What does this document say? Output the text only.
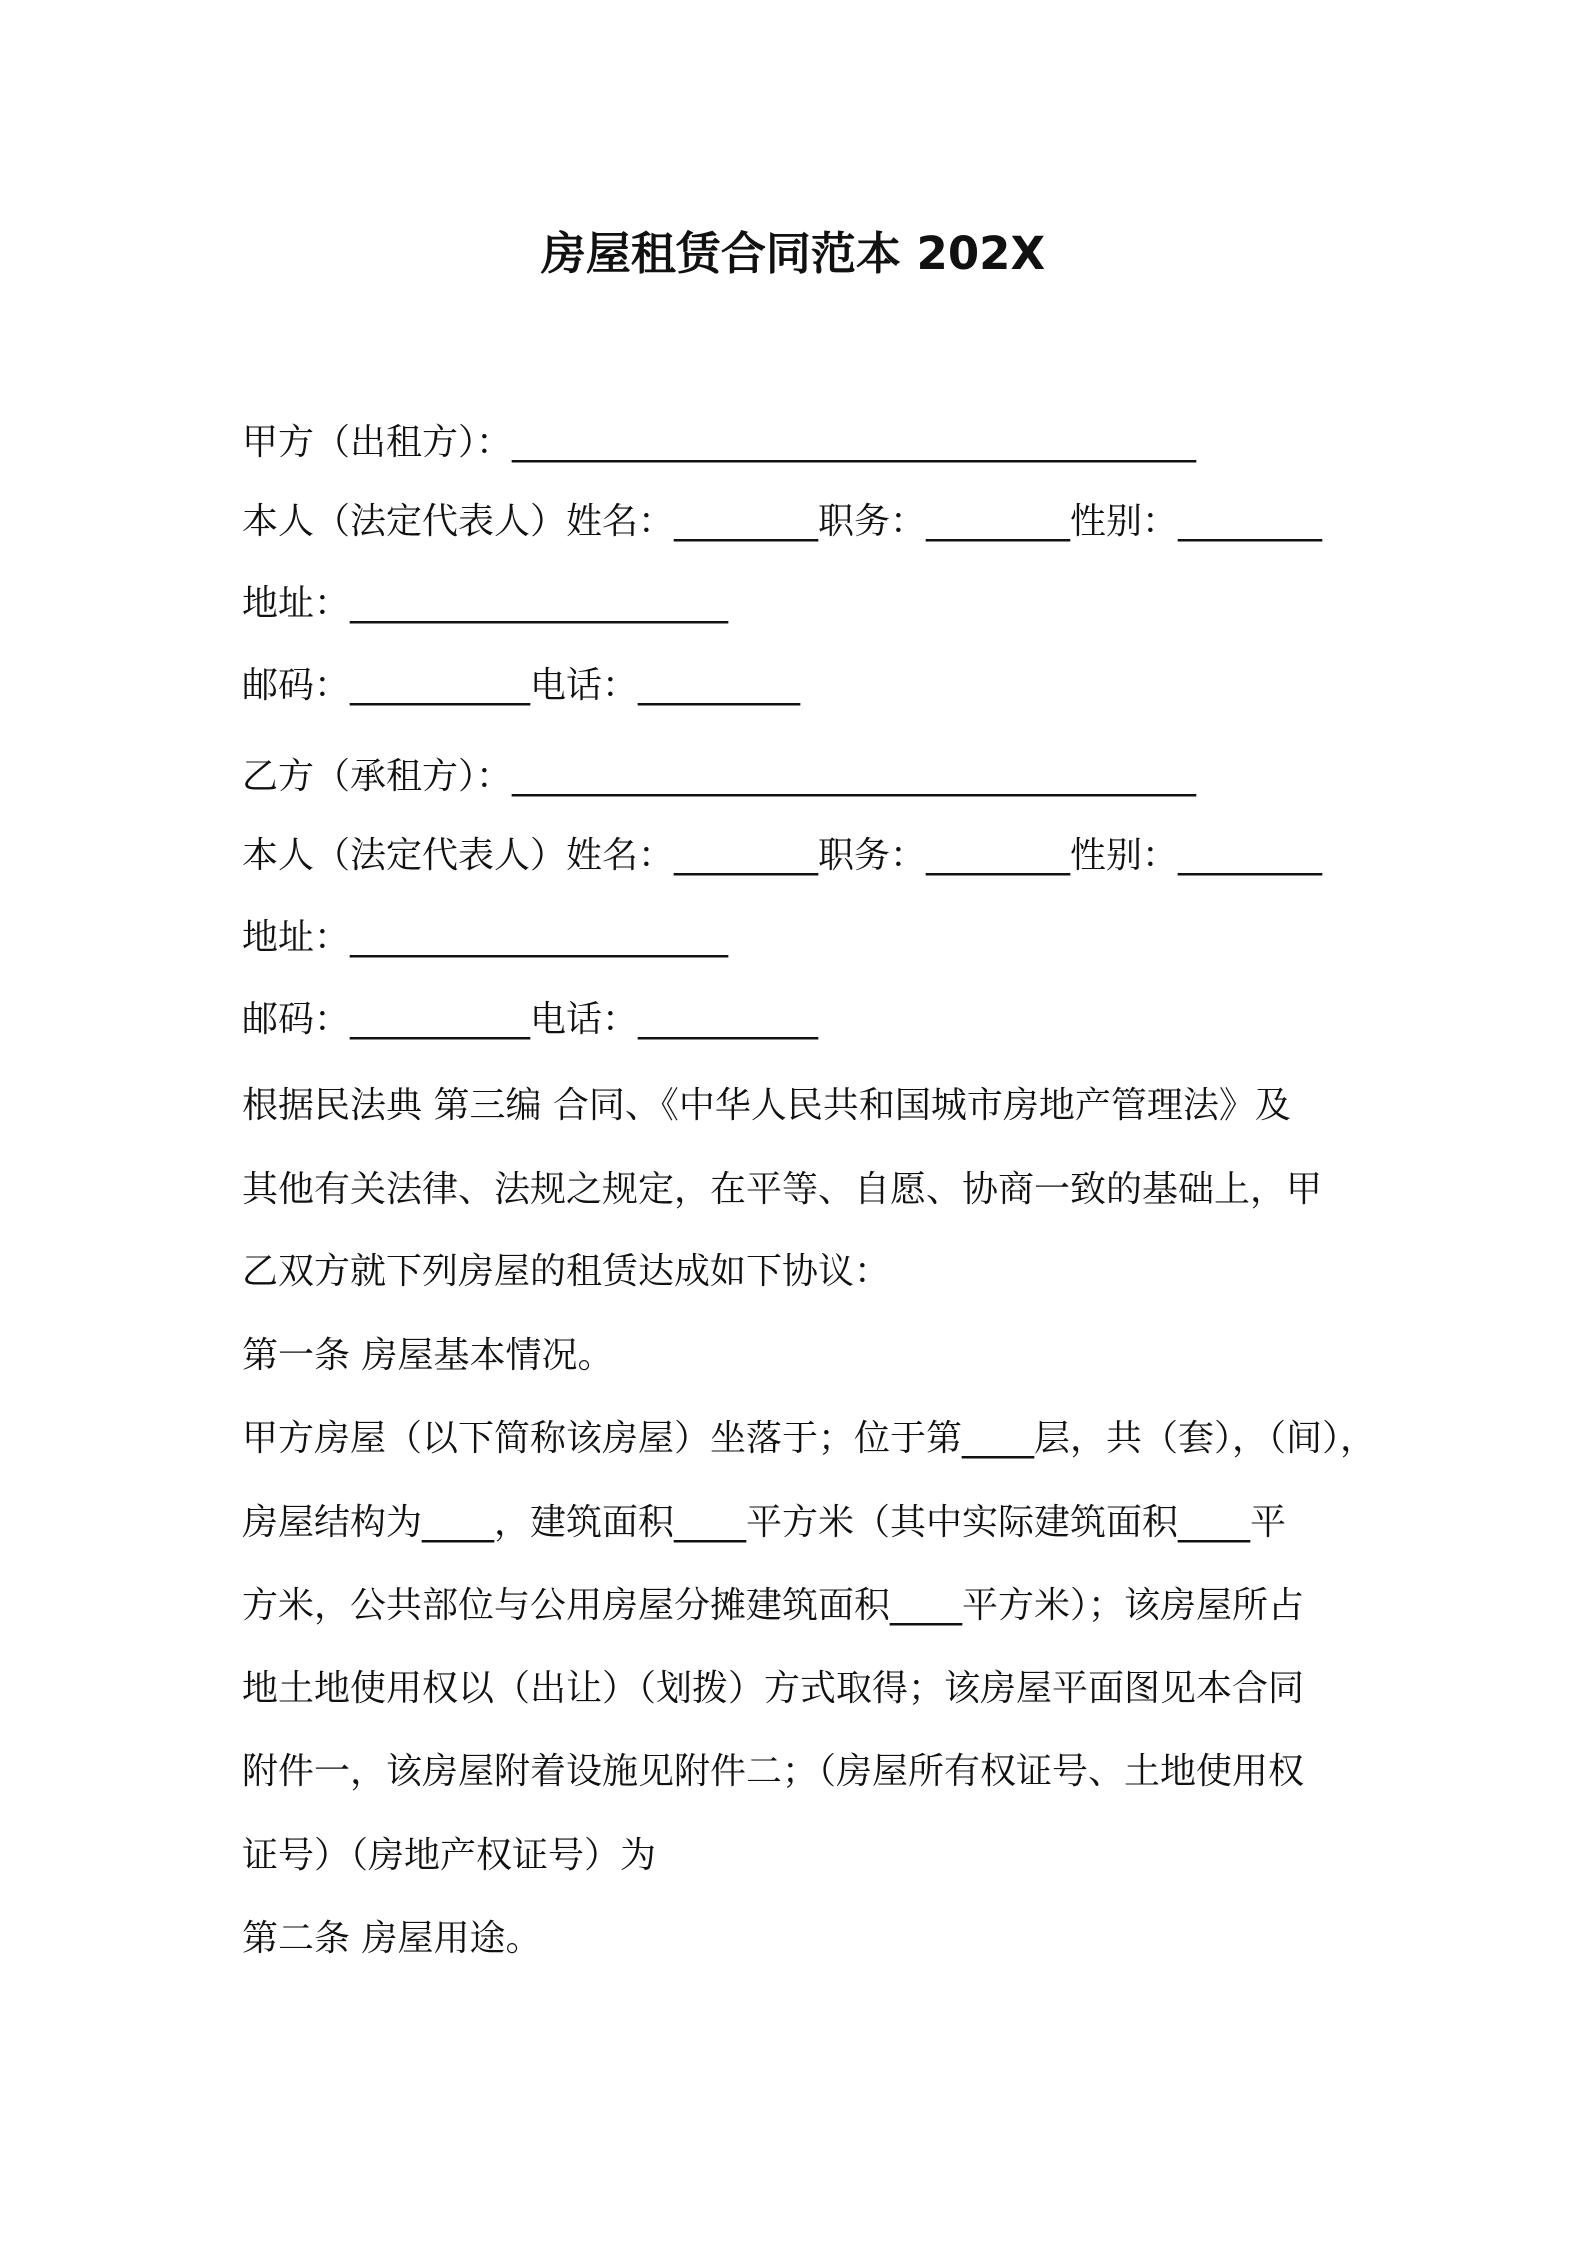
房屋租赁合同范本 202X
甲方（出租方）：______________________________________
本人（法定代表人）姓名：________职务：________性别：________
地址：_____________________
邮码：__________电话：_________
乙方（承租方）：______________________________________
本人（法定代表人）姓名：________职务：________性别：________
地址：_____________________
邮码：__________电话：__________
根据民法典 第三编 合同、《中华人民共和国城市房地产管理法》及
其他有关法律、法规之规定，在平等、自愿、协商一致的基础上，甲
乙双方就下列房屋的租赁达成如下协议：
第一条 房屋基本情况。
甲方房屋（以下简称该房屋）坐落于；位于第____层，共（套），（间），
房屋结构为____，建筑面积____平方米（其中实际建筑面积____平
方米，公共部位与公用房屋分摊建筑面积____平方米）；该房屋所占
地土地使用权以（出让）（划拨）方式取得；该房屋平面图见本合同
附件一，该房屋附着设施见附件二；（房屋所有权证号、土地使用权
证号）（房地产权证号）为
第二条 房屋用途。
